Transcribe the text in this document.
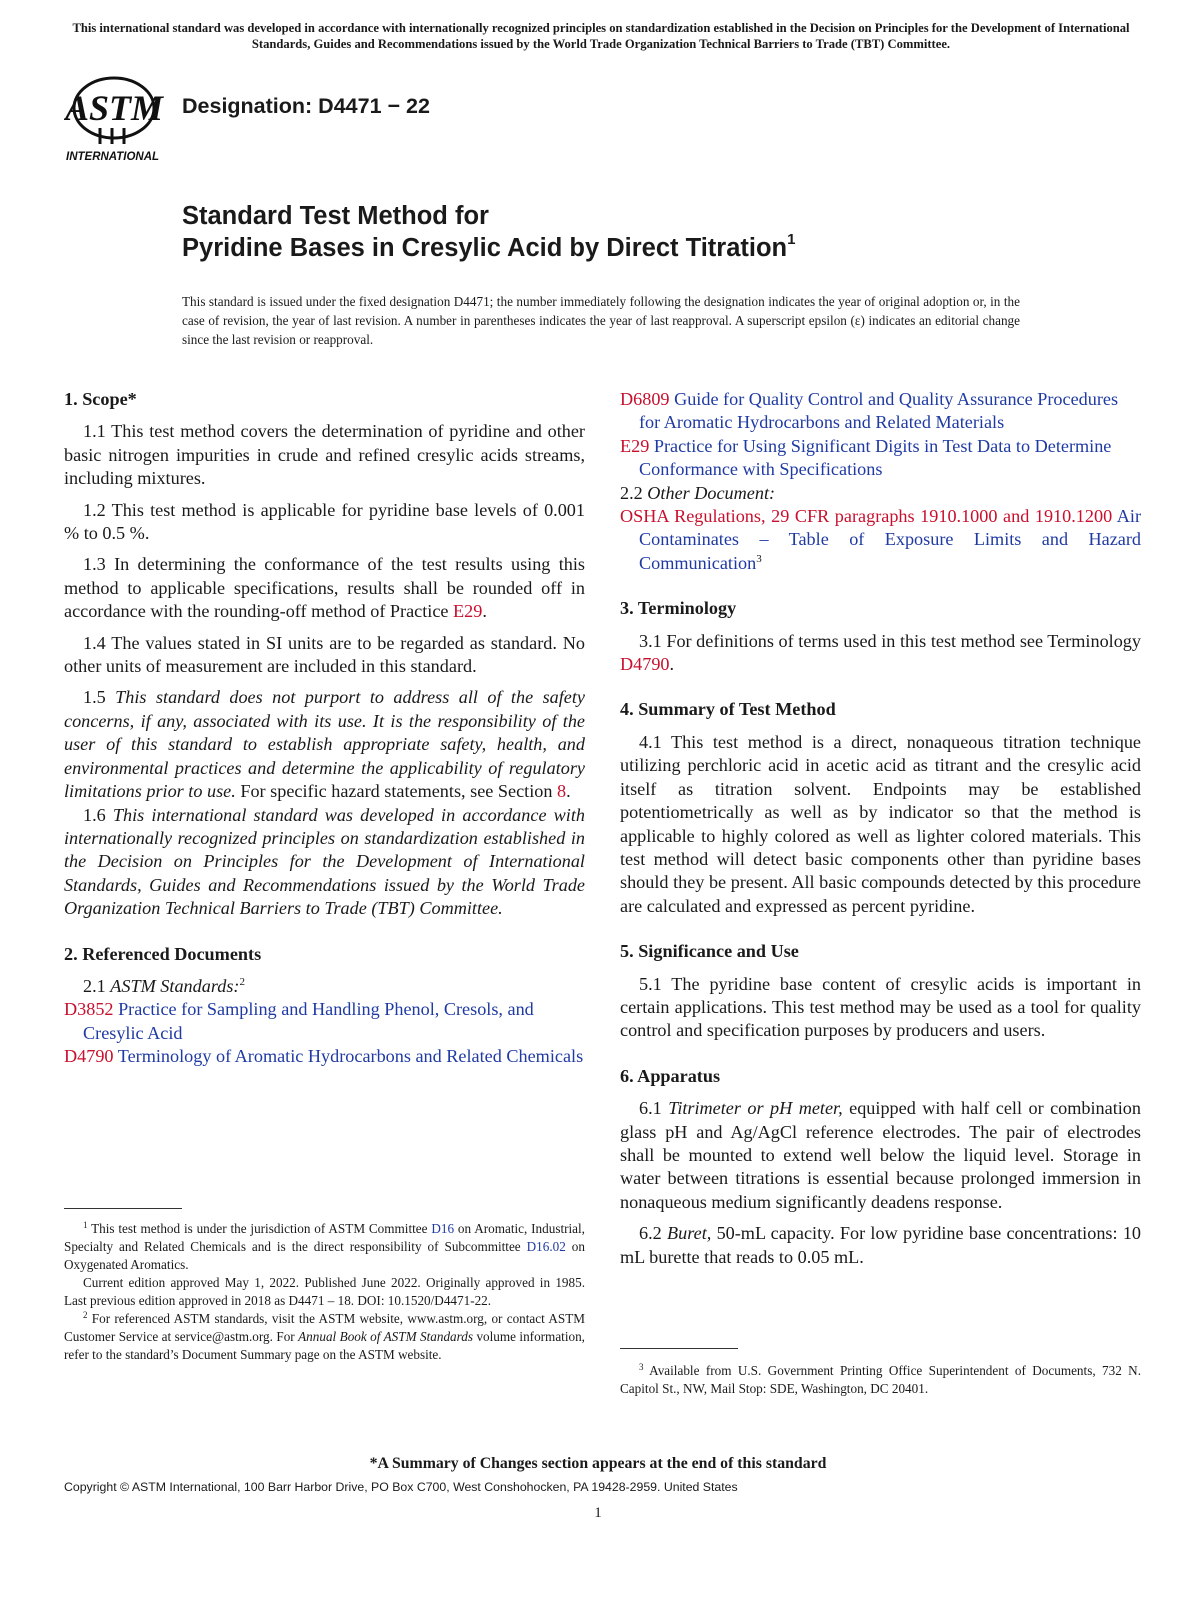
This international standard was developed in accordance with internationally recognized principles on standardization established in the Decision on Principles for the Development of International Standards, Guides and Recommendations issued by the World Trade Organization Technical Barriers to Trade (TBT) Committee.
ASTM
INTERNATIONAL
Designation: D4471 − 22
Standard Test Method for
Pyridine Bases in Cresylic Acid by Direct Titration$^1$
This standard is issued under the fixed designation D4471; the number immediately following the designation indicates the year of original adoption or, in the case of revision, the year of last revision. A number in parentheses indicates the year of last reapproval. A superscript epsilon (ε) indicates an editorial change since the last revision or reapproval.
1. Scope*

1.1 This test method covers the determination of pyridine and other basic nitrogen impurities in crude and refined cresylic acids streams, including mixtures.

1.2 This test method is applicable for pyridine base levels of 0.001 % to 0.5 %.

1.3 In determining the conformance of the test results using this method to applicable specifications, results shall be rounded off in accordance with the rounding-off method of Practice E29.

1.4 The values stated in SI units are to be regarded as standard. No other units of measurement are included in this standard.

1.5 This standard does not purport to address all of the safety concerns, if any, associated with its use. It is the responsibility of the user of this standard to establish appropriate safety, health, and environmental practices and determine the applicability of regulatory limitations prior to use. For specific hazard statements, see Section 8.

1.6 This international standard was developed in accordance with internationally recognized principles on standardization established in the Decision on Principles for the Development of International Standards, Guides and Recommendations issued by the World Trade Organization Technical Barriers to Trade (TBT) Committee.

2. Referenced Documents

2.1 ASTM Standards:$^2$

D3852 Practice for Sampling and Handling Phenol, Cresols, and Cresylic Acid

D4790 Terminology of Aromatic Hydrocarbons and Related Chemicals

$^1$ This test method is under the jurisdiction of ASTM Committee D16 on Aromatic, Industrial, Specialty and Related Chemicals and is the direct responsibility of Subcommittee D16.02 on Oxygenated Aromatics.

Current edition approved May 1, 2022. Published June 2022. Originally approved in 1985. Last previous edition approved in 2018 as D4471 – 18. DOI: 10.1520/D4471-22.

$^2$ For referenced ASTM standards, visit the ASTM website, www.astm.org, or contact ASTM Customer Service at service@astm.org. For Annual Book of ASTM Standards volume information, refer to the standard’s Document Summary page on the ASTM website.

D6809 Guide for Quality Control and Quality Assurance Procedures for Aromatic Hydrocarbons and Related Materials

E29 Practice for Using Significant Digits in Test Data to Determine Conformance with Specifications

2.2 Other Document:

OSHA Regulations, 29 CFR paragraphs 1910.1000 and 1910.1200 Air Contaminates – Table of Exposure Limits and Hazard Communication$^3$

3. Terminology

3.1 For definitions of terms used in this test method see Terminology D4790.

4. Summary of Test Method

4.1 This test method is a direct, nonaqueous titration technique utilizing perchloric acid in acetic acid as titrant and the cresylic acid itself as titration solvent. Endpoints may be established potentiometrically as well as by indicator so that the method is applicable to highly colored as well as lighter colored materials. This test method will detect basic components other than pyridine bases should they be present. All basic compounds detected by this procedure are calculated and expressed as percent pyridine.

5. Significance and Use

5.1 The pyridine base content of cresylic acids is important in certain applications. This test method may be used as a tool for quality control and specification purposes by producers and users.

6. Apparatus

6.1 Titrimeter or pH meter, equipped with half cell or combination glass pH and Ag/AgCl reference electrodes. The pair of electrodes shall be mounted to extend well below the liquid level. Storage in water between titrations is essential because prolonged immersion in nonaqueous medium significantly deadens response.

6.2 Buret, 50-mL capacity. For low pyridine base concentrations: 10 mL burette that reads to 0.05 mL.

$^3$ Available from U.S. Government Printing Office Superintendent of Documents, 732 N. Capitol St., NW, Mail Stop: SDE, Washington, DC 20401.

*A Summary of Changes section appears at the end of this standard
Copyright © ASTM International, 100 Barr Harbor Drive, PO Box C700, West Conshohocken, PA 19428-2959. United States
1
